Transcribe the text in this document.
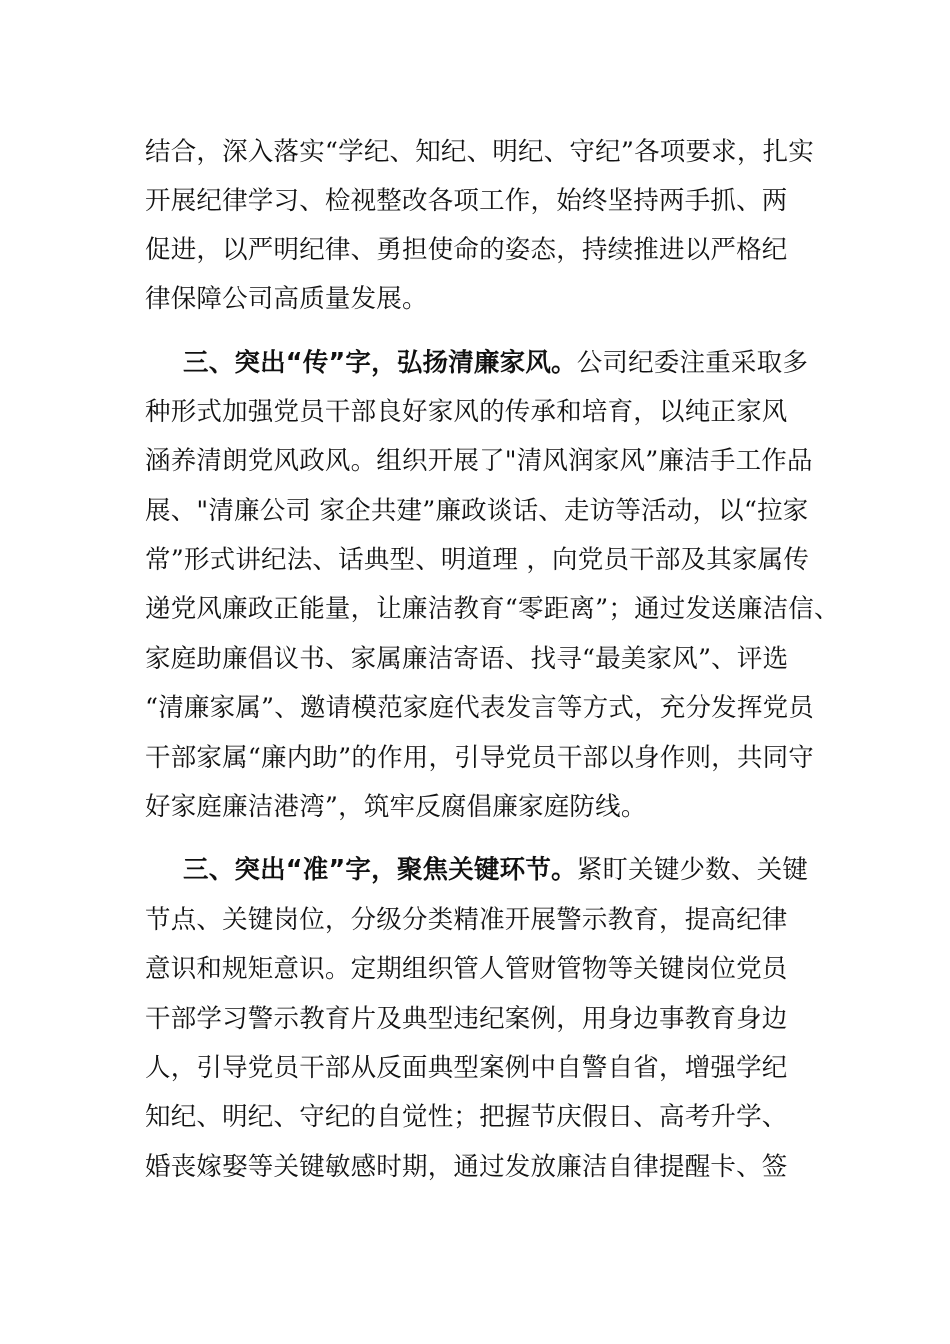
结合，深入落实“学纪、知纪、明纪、守纪”各项要求，扎实

开展纪律学习、检视整改各项工作，始终坚持两手抓、两

促进，以严明纪律、勇担使命的姿态，持续推进以严格纪

律保障公司高质量发展。

三、突出“传”字，弘扬清廉家风。公司纪委注重采取多

种形式加强党员干部良好家风的传承和培育，以纯正家风

涵养清朗党风政风。组织开展了"清风润家风”廉洁手工作品

展、"清廉公司 家企共建”廉政谈话、走访等活动，以“拉家

常”形式讲纪法、话典型、明道理 ，向党员干部及其家属传

递党风廉政正能量，让廉洁教育“零距离”；通过发送廉洁信、

家庭助廉倡议书、家属廉洁寄语、找寻“最美家风”、评选

“清廉家属”、邀请模范家庭代表发言等方式，充分发挥党员

干部家属“廉内助”的作用，引导党员干部以身作则，共同守

好家庭廉洁港湾”，筑牢反腐倡廉家庭防线。

三、突出“准”字，聚焦关键环节。紧盯关键少数、关键

节点、关键岗位，分级分类精准开展警示教育，提高纪律

意识和规矩意识。定期组织管人管财管物等关键岗位党员

干部学习警示教育片及典型违纪案例，用身边事教育身边

人，引导党员干部从反面典型案例中自警自省，增强学纪

知纪、明纪、守纪的自觉性；把握节庆假日、高考升学、

婚丧嫁娶等关键敏感时期，通过发放廉洁自律提醒卡、签
